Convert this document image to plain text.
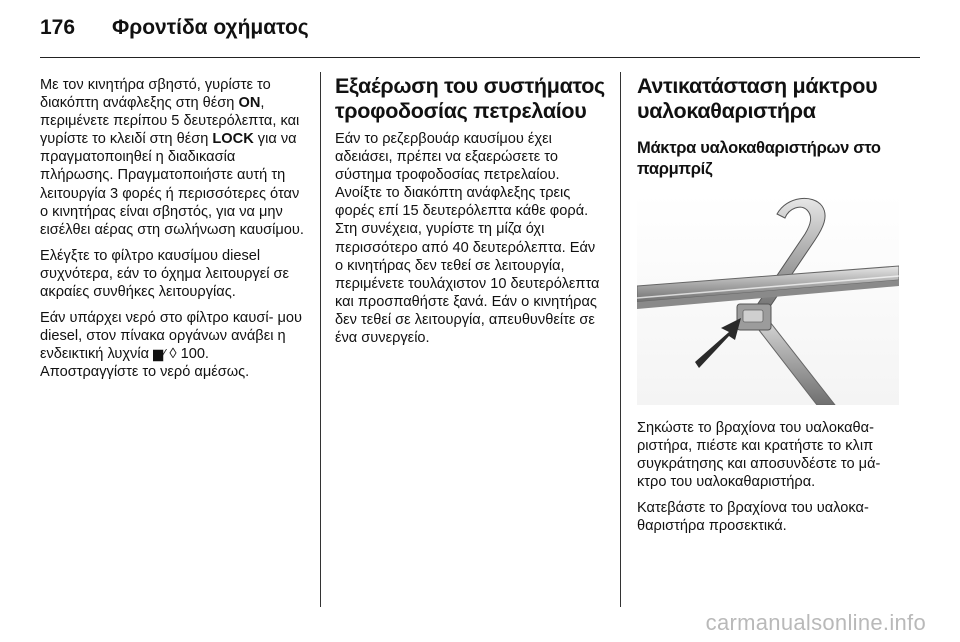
176 Φροντίδα οχήματος

Με τον κινητήρα σβηστό, γυρίστε το διακόπτη ανάφλεξης στη θέση ON, περιμένετε περίπου 5 δευτερόλεπτα, και γυρίστε το κλειδί στη θέση LOCK για να πραγματοποιηθεί η διαδικασία πλήρωσης. Πραγματοποιήστε αυτή τη λειτουργία 3 φορές ή περισσότερες όταν ο κινητήρας είναι σβηστός, για να μην εισέλθει αέρας στη σωλήνωση καυσίμου.

Ελέγξτε το φίλτρο καυσίμου diesel συχνότερα, εάν το όχημα λειτουργεί σε ακραίες συνθήκες λειτουργίας.

Εάν υπάρχει νερό στο φίλτρο καυσί- μου diesel, στον πίνακα οργάνων ανάβει η ενδεικτική λυχνία ▆⁄ ◊ 100.
Αποστραγγίστε το νερό αμέσως.

Εξαέρωση του συστήματος τροφοδοσίας πετρελαίου

Εάν το ρεζερβουάρ καυσίμου έχει αδειάσει, πρέπει να εξαερώσετε το σύστημα τροφοδοσίας πετρελαίου. Ανοίξτε το διακόπτη ανάφλεξης τρεις φορές επί 15 δευτερόλεπτα κάθε φορά. Στη συνέχεια, γυρίστε τη μίζα όχι περισσότερο από 40 δευτερόλεπτα. Εάν ο κινητήρας δεν τεθεί σε λειτουργία, περιμένετε τουλάχιστον 10 δευτερόλεπτα και προσπαθήστε ξανά. Εάν ο κινητήρας δεν τεθεί σε λειτουργία, απευθυνθείτε σε ένα συνεργείο.

Αντικατάσταση μάκτρου υαλοκαθαριστήρα
Μάκτρα υαλοκαθαριστήρων στο παρμπρίζ

Σηκώστε το βραχίονα του υαλοκαθα- ριστήρα, πιέστε και κρατήστε το κλιπ συγκράτησης και αποσυνδέστε το μά- κτρο του υαλοκαθαριστήρα.

Κατεβάστε το βραχίονα του υαλοκα- θαριστήρα προσεκτικά.

carmanualsonline.info
